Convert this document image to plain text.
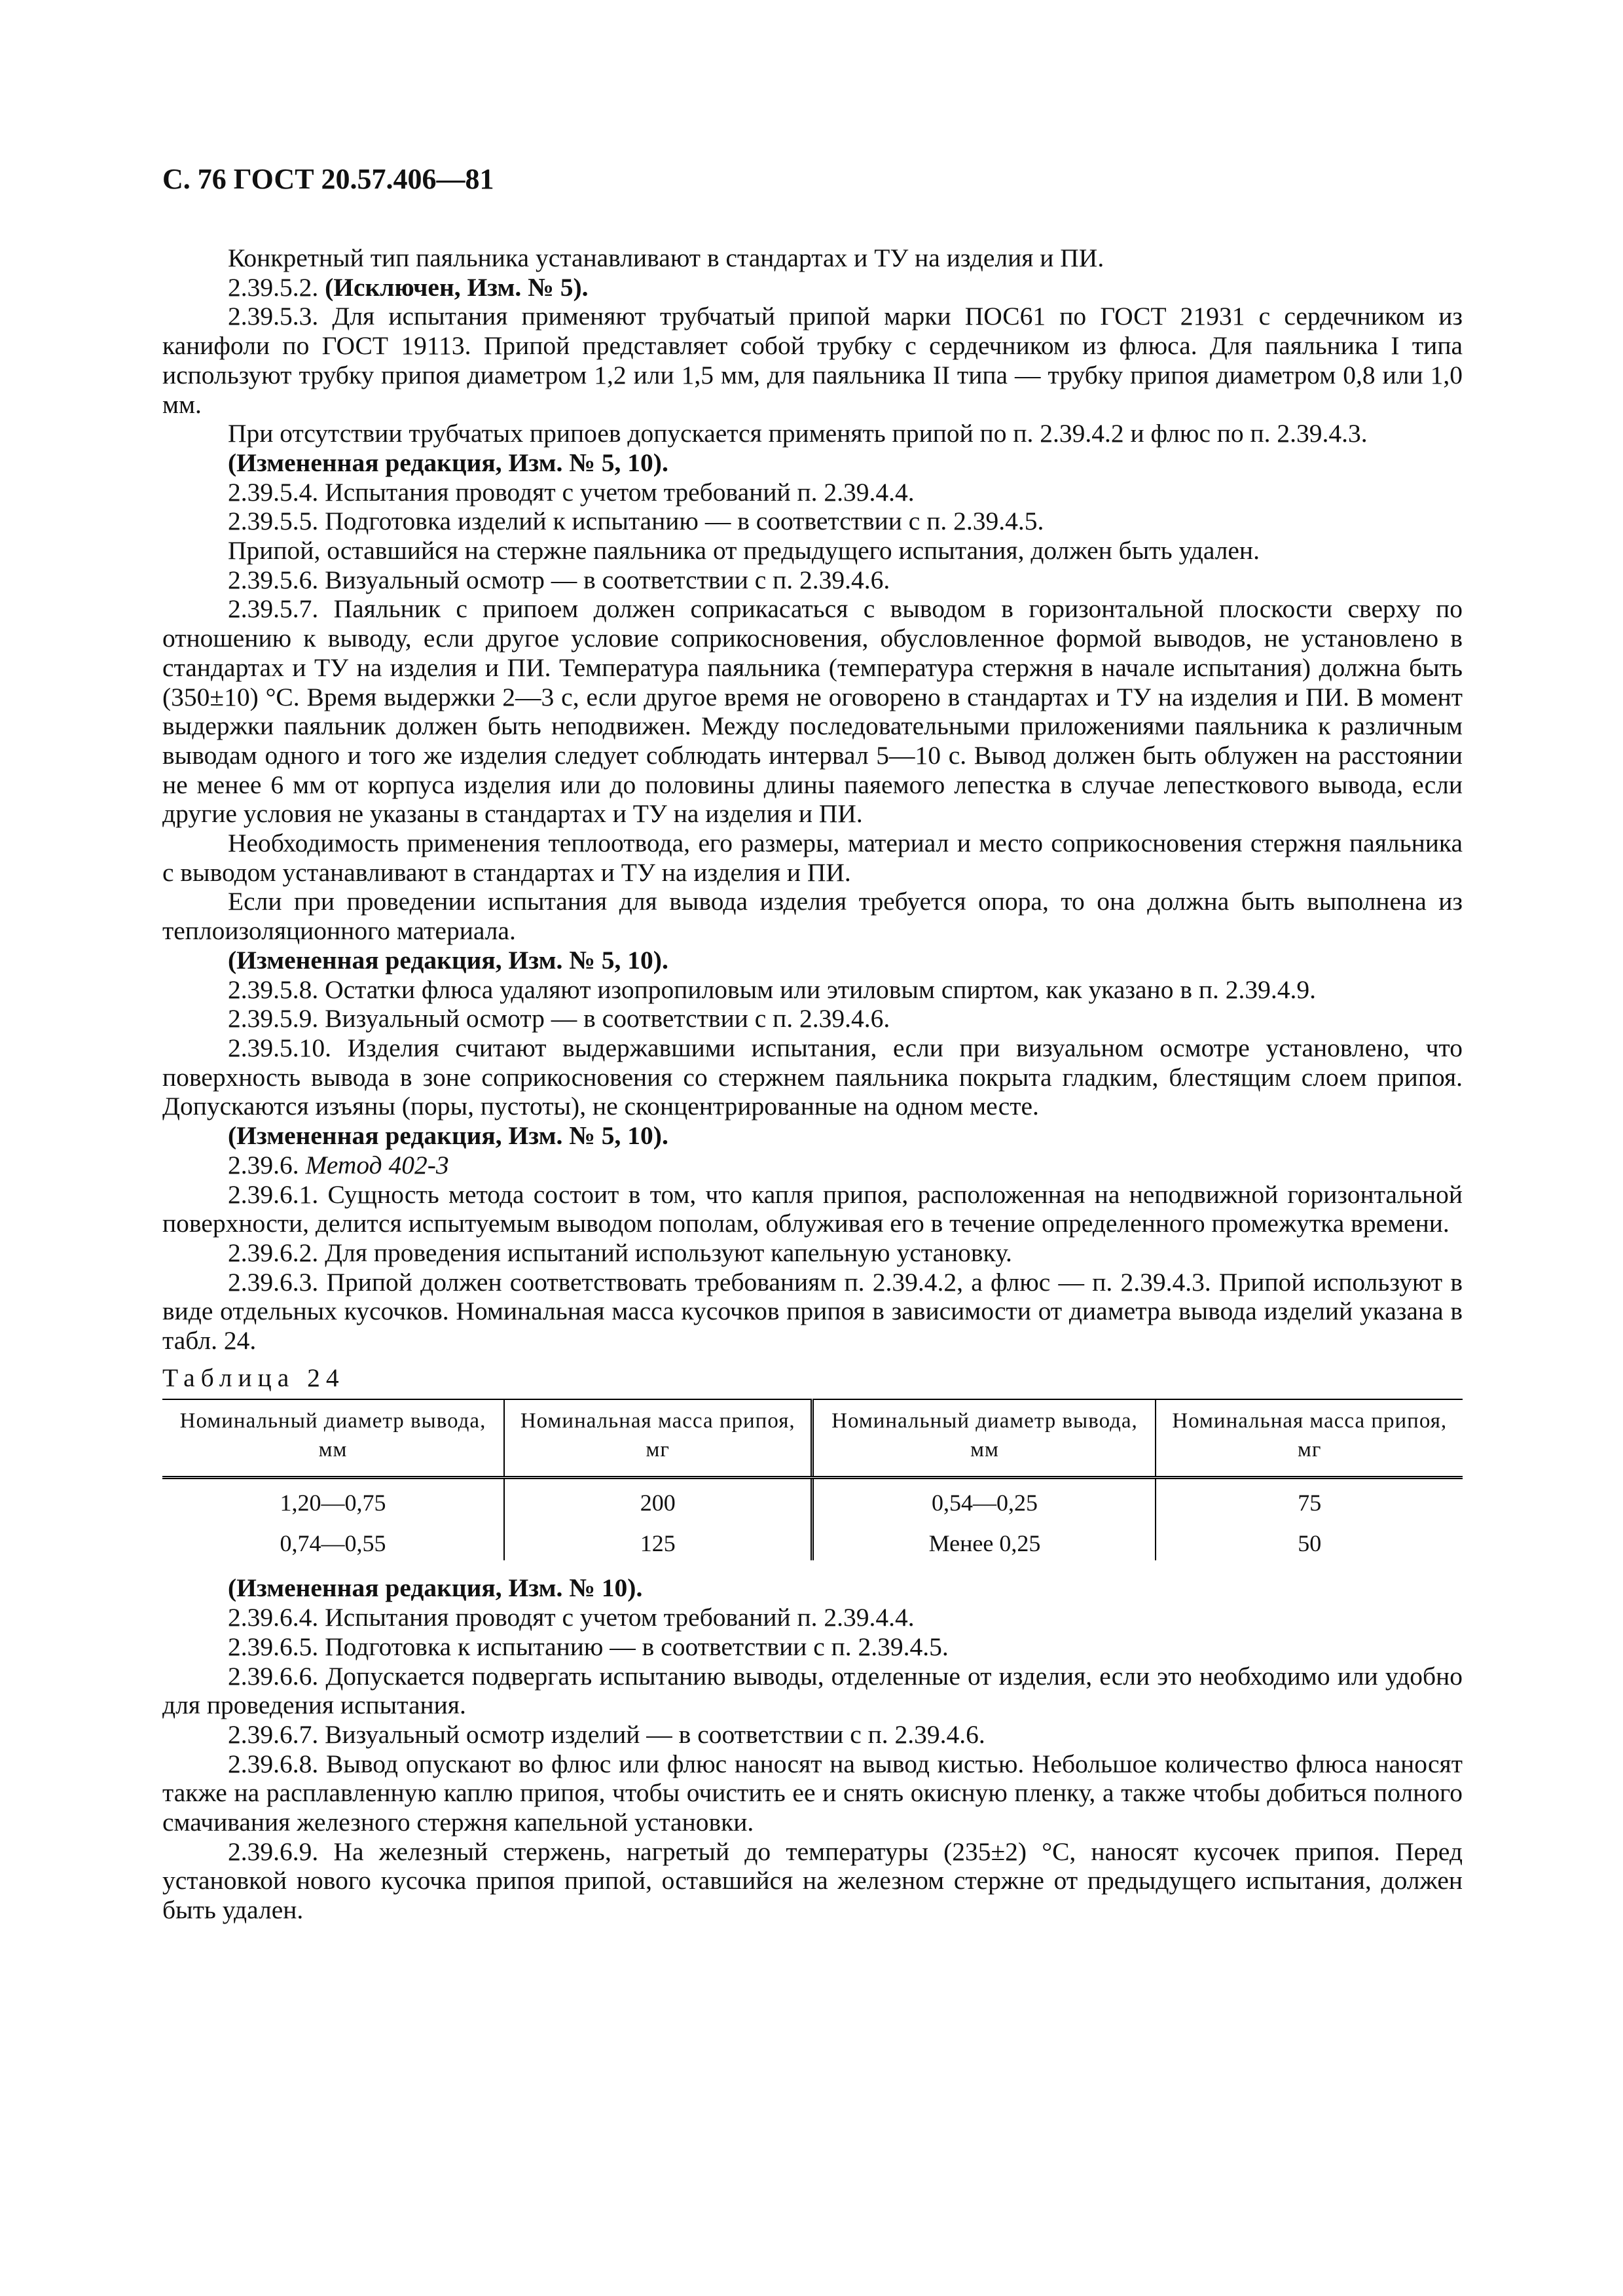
С. 76 ГОСТ 20.57.406—81

Конкретный тип паяльника устанавливают в стандартах и ТУ на изделия и ПИ.

2.39.5.2. (Исключен, Изм. № 5).

2.39.5.3. Для испытания применяют трубчатый припой марки ПОС61 по ГОСТ 21931 с сердечником из канифоли по ГОСТ 19113. Припой представляет собой трубку с сердечником из флюса. Для паяльника I типа используют трубку припоя диаметром 1,2 или 1,5 мм, для паяльника II типа — трубку припоя диаметром 0,8 или 1,0 мм.

При отсутствии трубчатых припоев допускается применять припой по п. 2.39.4.2 и флюс по п. 2.39.4.3.

(Измененная редакция, Изм. № 5, 10).

2.39.5.4. Испытания проводят с учетом требований п. 2.39.4.4.

2.39.5.5. Подготовка изделий к испытанию — в соответствии с п. 2.39.4.5.

Припой, оставшийся на стержне паяльника от предыдущего испытания, должен быть удален.

2.39.5.6. Визуальный осмотр — в соответствии с п. 2.39.4.6.

2.39.5.7. Паяльник с припоем должен соприкасаться с выводом в горизонтальной плоскости сверху по отношению к выводу, если другое условие соприкосновения, обусловленное формой выводов, не установлено в стандартах и ТУ на изделия и ПИ. Температура паяльника (температура стержня в начале испытания) должна быть (350±10) °С. Время выдержки 2—3 с, если другое время не оговорено в стандартах и ТУ на изделия и ПИ. В момент выдержки паяльник должен быть неподвижен. Между последовательными приложениями паяльника к различным выводам одного и того же изделия следует соблюдать интервал 5—10 с. Вывод должен быть облужен на расстоянии не менее 6 мм от корпуса изделия или до половины длины паяемого лепестка в случае лепесткового вывода, если другие условия не указаны в стандартах и ТУ на изделия и ПИ.

Необходимость применения теплоотвода, его размеры, материал и место соприкосновения стержня паяльника с выводом устанавливают в стандартах и ТУ на изделия и ПИ.

Если при проведении испытания для вывода изделия требуется опора, то она должна быть выполнена из теплоизоляционного материала.

(Измененная редакция, Изм. № 5, 10).

2.39.5.8. Остатки флюса удаляют изопропиловым или этиловым спиртом, как указано в п. 2.39.4.9.

2.39.5.9. Визуальный осмотр — в соответствии с п. 2.39.4.6.

2.39.5.10. Изделия считают выдержавшими испытания, если при визуальном осмотре установлено, что поверхность вывода в зоне соприкосновения со стержнем паяльника покрыта гладким, блестящим слоем припоя. Допускаются изъяны (поры, пустоты), не сконцентрированные на одном месте.

(Измененная редакция, Изм. № 5, 10).

2.39.6. Метод 402-3

2.39.6.1. Сущность метода состоит в том, что капля припоя, расположенная на неподвижной горизонтальной поверхности, делится испытуемым выводом пополам, облуживая его в течение определенного промежутка времени.

2.39.6.2. Для проведения испытаний используют капельную установку.

2.39.6.3. Припой должен соответствовать требованиям п. 2.39.4.2, а флюс — п. 2.39.4.3. Припой используют в виде отдельных кусочков. Номинальная масса кусочков припоя в зависимости от диаметра вывода изделий указана в табл. 24.

Таблица 24

Номинальный диаметр вывода, мм	Номинальная масса припоя, мг	Номинальный диаметр вывода, мм	Номинальная масса припоя, мг
1,20—0,75	200	0,54—0,25	75
0,74—0,55	125	Менее 0,25	50

(Измененная редакция, Изм. № 10).

2.39.6.4. Испытания проводят с учетом требований п. 2.39.4.4.

2.39.6.5. Подготовка к испытанию — в соответствии с п. 2.39.4.5.

2.39.6.6. Допускается подвергать испытанию выводы, отделенные от изделия, если это необходимо или удобно для проведения испытания.

2.39.6.7. Визуальный осмотр изделий — в соответствии с п. 2.39.4.6.

2.39.6.8. Вывод опускают во флюс или флюс наносят на вывод кистью. Небольшое количество флюса наносят также на расплавленную каплю припоя, чтобы очистить ее и снять окисную пленку, а также чтобы добиться полного смачивания железного стержня капельной установки.

2.39.6.9. На железный стержень, нагретый до температуры (235±2) °С, наносят кусочек припоя. Перед установкой нового кусочка припоя припой, оставшийся на железном стержне от предыдущего испытания, должен быть удален.
